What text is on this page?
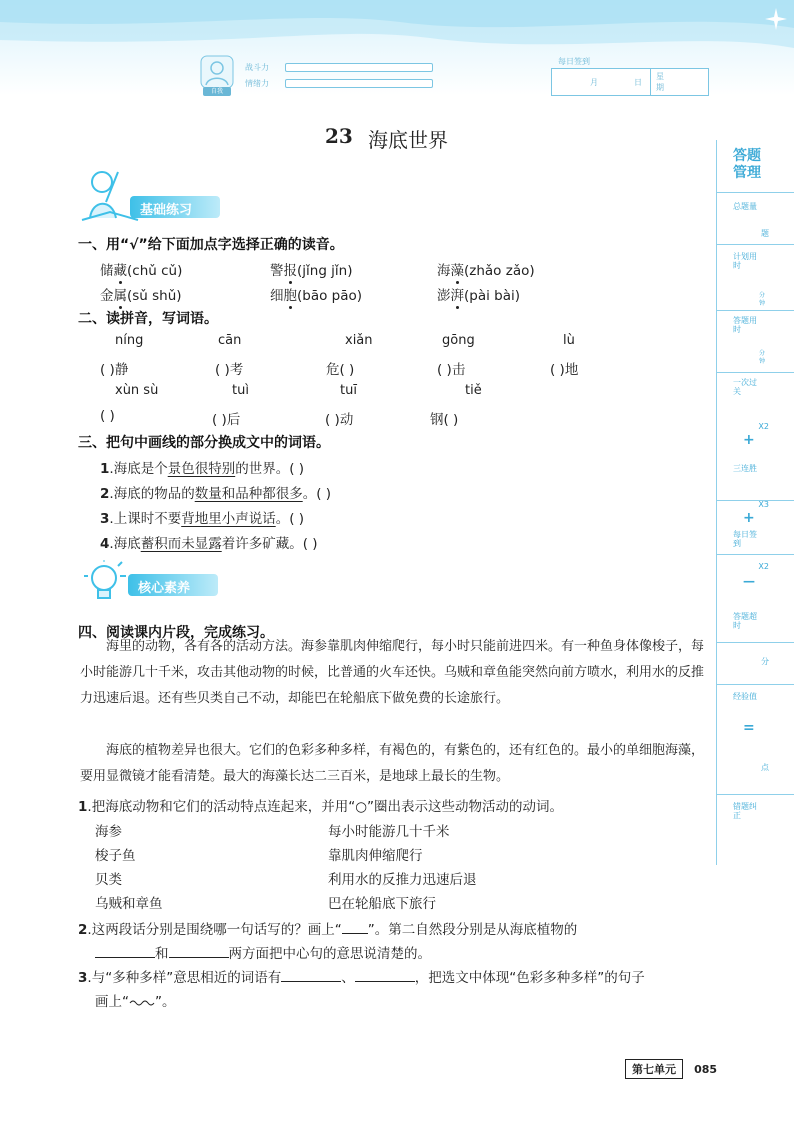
自我
战斗力
情绪力
每日签到
月	日
星
期
23 海底世界
基础练习
一、用“√”给下面加点字选择正确的读音。
储藏(chǔ cǔ)	警报(jǐng jǐn)	海藻(zhǎo zǎo)
金属(sǔ shǔ)	细胞(bāo pāo)	澎湃(pài bài)
二、读拼音，写词语。
níng	cān	xiǎn	gōng	lù
( )静	( )考	危( )	( )击	( )地
xùn sù	tuì	tuī	tiě
( )	( )后	( )动	钢( )
三、把句中画线的部分换成文中的词语。
1.海底是个景色很特别的世界。( )
2.海底的物品的数量和品种都很多。( )
3.上课时不要背地里小声说话。( )
4.海底蓄积而未显露着许多矿藏。( )
核心素养
四、阅读课内片段，完成练习。
海里的动物，各有各的活动方法。海参靠肌肉伸缩爬行，每小时只能前进四米。有一种鱼身体像梭子，每小时能游几十千米，攻击其他动物的时候，比普通的火车还快。乌贼和章鱼能突然向前方喷水，利用水的反推力迅速后退。还有些贝类自己不动，却能巴在轮船底下做免费的长途旅行。
海底的植物差异也很大。它们的色彩多种多样，有褐色的，有紫色的，还有红色的。最小的单细胞海藻，要用显微镜才能看清楚。最大的海藻长达二三百米，是地球上最长的生物。
1.把海底动物和它们的活动特点连起来，并用“○”圈出表示这些动物活动的动词。
海参
梭子鱼
贝类
乌贼和章鱼
每小时能游几十千米
靠肌肉伸缩爬行
利用水的反推力迅速后退
巴在轮船底下旅行
2.这两段话分别是围绕哪一句话写的？画上“ ”。第二自然段分别是从海底植物的
和	两方面把中心句的意思说清楚的。
3.与“多种多样”意思相近的词语有	、	，把选文中体现“色彩多种多样”的句子
画上“ ”。
答题管理
总题量
题
计划用时
分钟
答题用时
分钟
一次过关
X2
+
三连胜
X3
+
每日签到
X2
—
答题超时
分
经验值
=
点
错题纠正
第七单元 085
